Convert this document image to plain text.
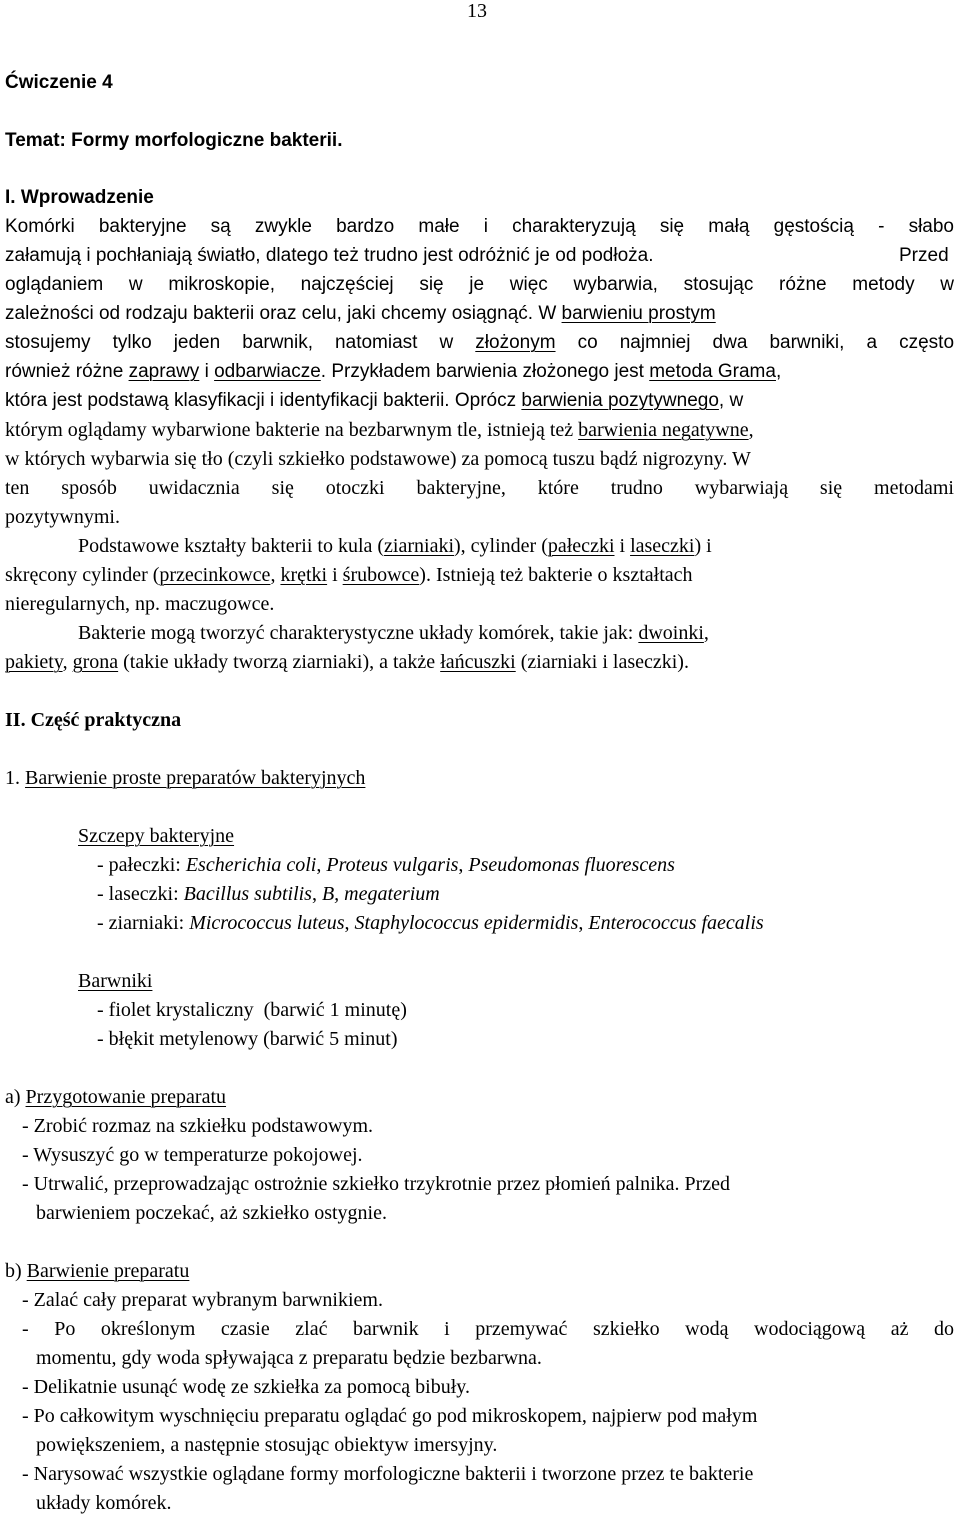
13
Ćwiczenie 4
Temat: Formy morfologiczne bakterii.
I. Wprowadzenie
Komórki bakteryjne są zwykle bardzo małe i charakteryzują się małą gęstością - słabo
załamują i pochłaniają światło, dlatego też trudno jest odróżnić je od podłoża.	Przed
oglądaniem w mikroskopie, najczęściej się je więc wybarwia, stosując różne metody w
zależności od rodzaju bakterii oraz celu, jaki chcemy osiągnąć. W barwieniu prostym
stosujemy tylko jeden barwnik, natomiast w złożonym co najmniej dwa barwniki, a często
również różne zaprawy i odbarwiacze. Przykładem barwienia złożonego jest metoda Grama,
która jest podstawą klasyfikacji i identyfikacji bakterii. Oprócz barwienia pozytywnego, w
którym oglądamy wybarwione bakterie na bezbarwnym tle, istnieją też barwienia negatywne,
w których wybarwia się tło (czyli szkiełko podstawowe) za pomocą tuszu bądź nigrozyny. W
ten sposób uwidacznia się otoczki bakteryjne, które trudno wybarwiają się metodami
pozytywnymi.
Podstawowe kształty bakterii to kula (ziarniaki), cylinder (pałeczki i laseczki) i
skręcony cylinder (przecinkowce, krętki i śrubowce). Istnieją też bakterie o kształtach
nieregularnych, np. maczugowce.
Bakterie mogą tworzyć charakterystyczne układy komórek, takie jak: dwoinki,
pakiety, grona (takie układy tworzą ziarniaki), a także łańcuszki (ziarniaki i laseczki).
II. Część praktyczna
1. Barwienie proste preparatów bakteryjnych
Szczepy bakteryjne
- pałeczki: Escherichia coli, Proteus vulgaris, Pseudomonas fluorescens
- laseczki: Bacillus subtilis, B, megaterium
- ziarniaki: Micrococcus luteus, Staphylococcus epidermidis, Enterococcus faecalis
Barwniki
- fiolet krystaliczny  (barwić 1 minutę)
- błękit metylenowy (barwić 5 minut)
a) Przygotowanie preparatu
- Zrobić rozmaz na szkiełku podstawowym.
- Wysuszyć go w temperaturze pokojowej.
- Utrwalić, przeprowadzając ostrożnie szkiełko trzykrotnie przez płomień palnika. Przed
barwieniem poczekać, aż szkiełko ostygnie.
b) Barwienie preparatu
- Zalać cały preparat wybranym barwnikiem.
- Po określonym czasie zlać barwnik i przemywać szkiełko wodą wodociągową aż do
momentu, gdy woda spływająca z preparatu będzie bezbarwna.
- Delikatnie usunąć wodę ze szkiełka za pomocą bibuły.
- Po całkowitym wyschnięciu preparatu oglądać go pod mikroskopem, najpierw pod małym
powiększeniem, a następnie stosując obiektyw imersyjny.
- Narysować wszystkie oglądane formy morfologiczne bakterii i tworzone przez te bakterie
układy komórek.
